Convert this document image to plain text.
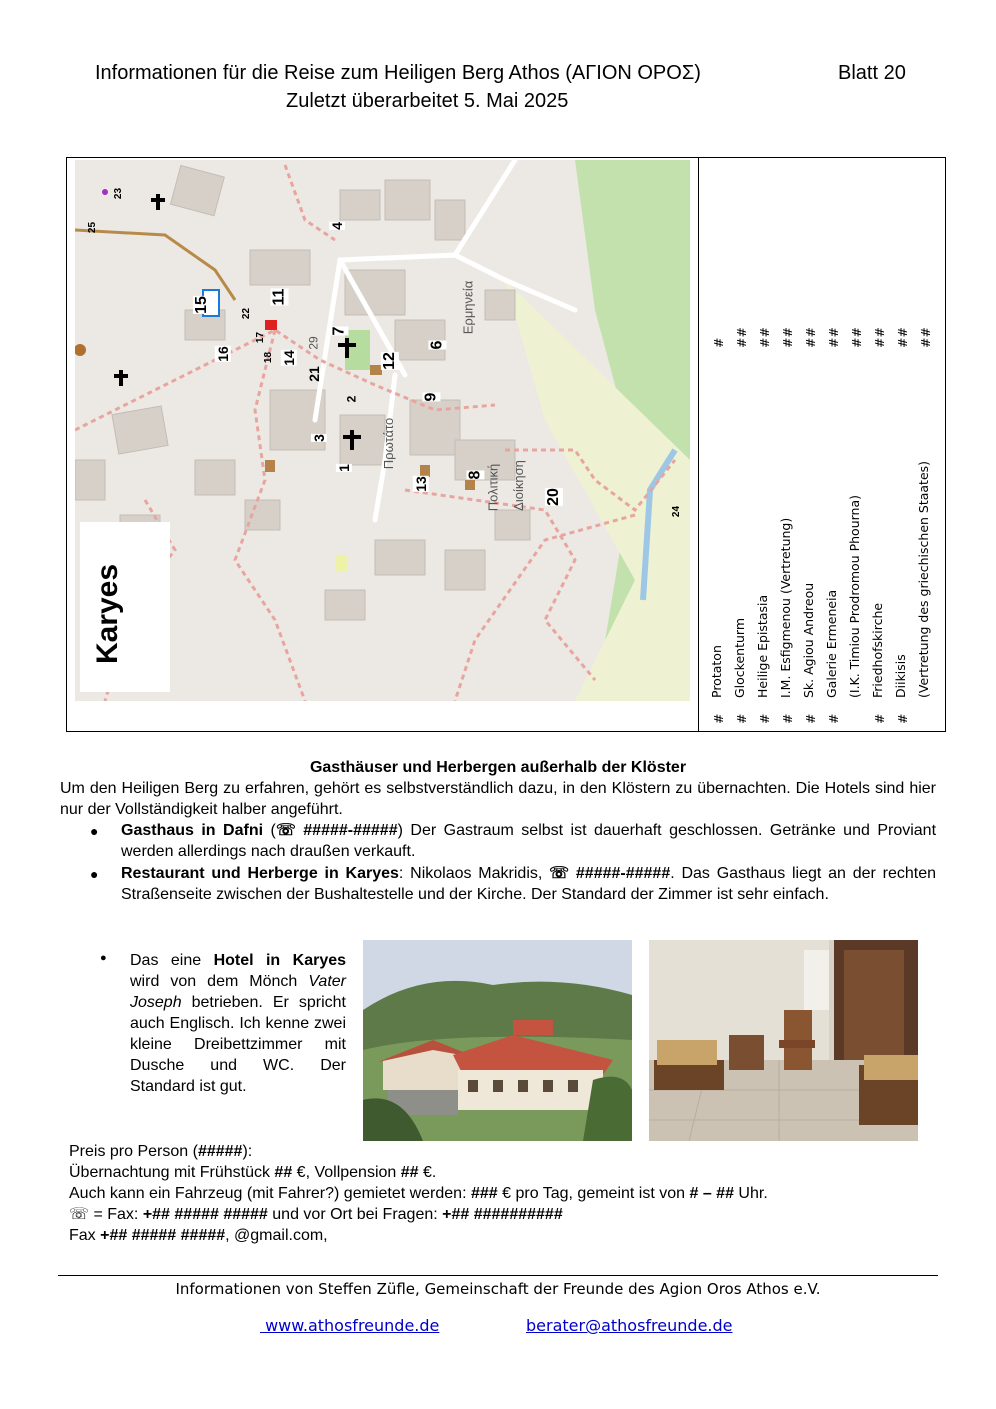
Informationen für die Reise zum Heiligen Berg Athos (ΑΓΙΟΝ ΟΡΟΣ)	Blatt 20
Zuletzt überarbeitet 5. Mai 2025
1
2
3
4
6
7
8
9
11
12
13
14
15
16
17
18
20
21
22
23
24
25
29
Ερμηνεία
Πρωτάτο
Πολιτική Διοίκηση
Karyes
#
Protaton
#
##
Glockenturm
#
##
Heilige Epistasia
#
##
I.M. Esfigmenou (Vertretung)
#
##
Sk. Agiou Andreou
#
##
Galerie Ermeneia
#
##
(I.K. Timiou Prodromou Phourna)
##
Friedhofskirche
#
##
Diikisis
#
##
(Vertretung des griechischen Staates)
Gasthäuser und Herbergen außerhalb der Klöster
Um den Heiligen Berg zu erfahren, gehört es selbstverständlich dazu, in den Klöstern zu übernachten. Die Hotels sind hier nur der Vollständigkeit halber angeführt.
● Gasthaus in Dafni (☏ #####-#####) Der Gastraum selbst ist dauerhaft geschlossen. Getränke und Proviant werden allerdings nach draußen verkauft.
● Restaurant und Herberge in Karyes: Nikolaos Makridis, ☏ #####-#####. Das Gasthaus liegt an der rechten Straßenseite zwischen der Bushaltestelle und der Kirche. Der Standard der Zimmer ist sehr einfach.
● Das eine Hotel in Karyes wird von dem Mönch Vater Joseph betrieben. Er spricht auch Englisch. Ich kenne zwei kleine Dreibettzimmer mit Dusche und WC. Der Standard ist gut.
Preis pro Person (#####):
Übernachtung mit Frühstück ## €, Vollpension ## €.
Auch kann ein Fahrzeug (mit Fahrer?) gemietet werden: ### € pro Tag, gemeint ist von # – ## Uhr.
☏ = Fax: +## ##### ##### und vor Ort bei Fragen: +## ##########
Fax +## ##### #####, @gmail.com,
Informationen von Steffen Züfle, Gemeinschaft der Freunde des Agion Oros Athos e.V.
www.athosfreunde.de	berater@athosfreunde.de
